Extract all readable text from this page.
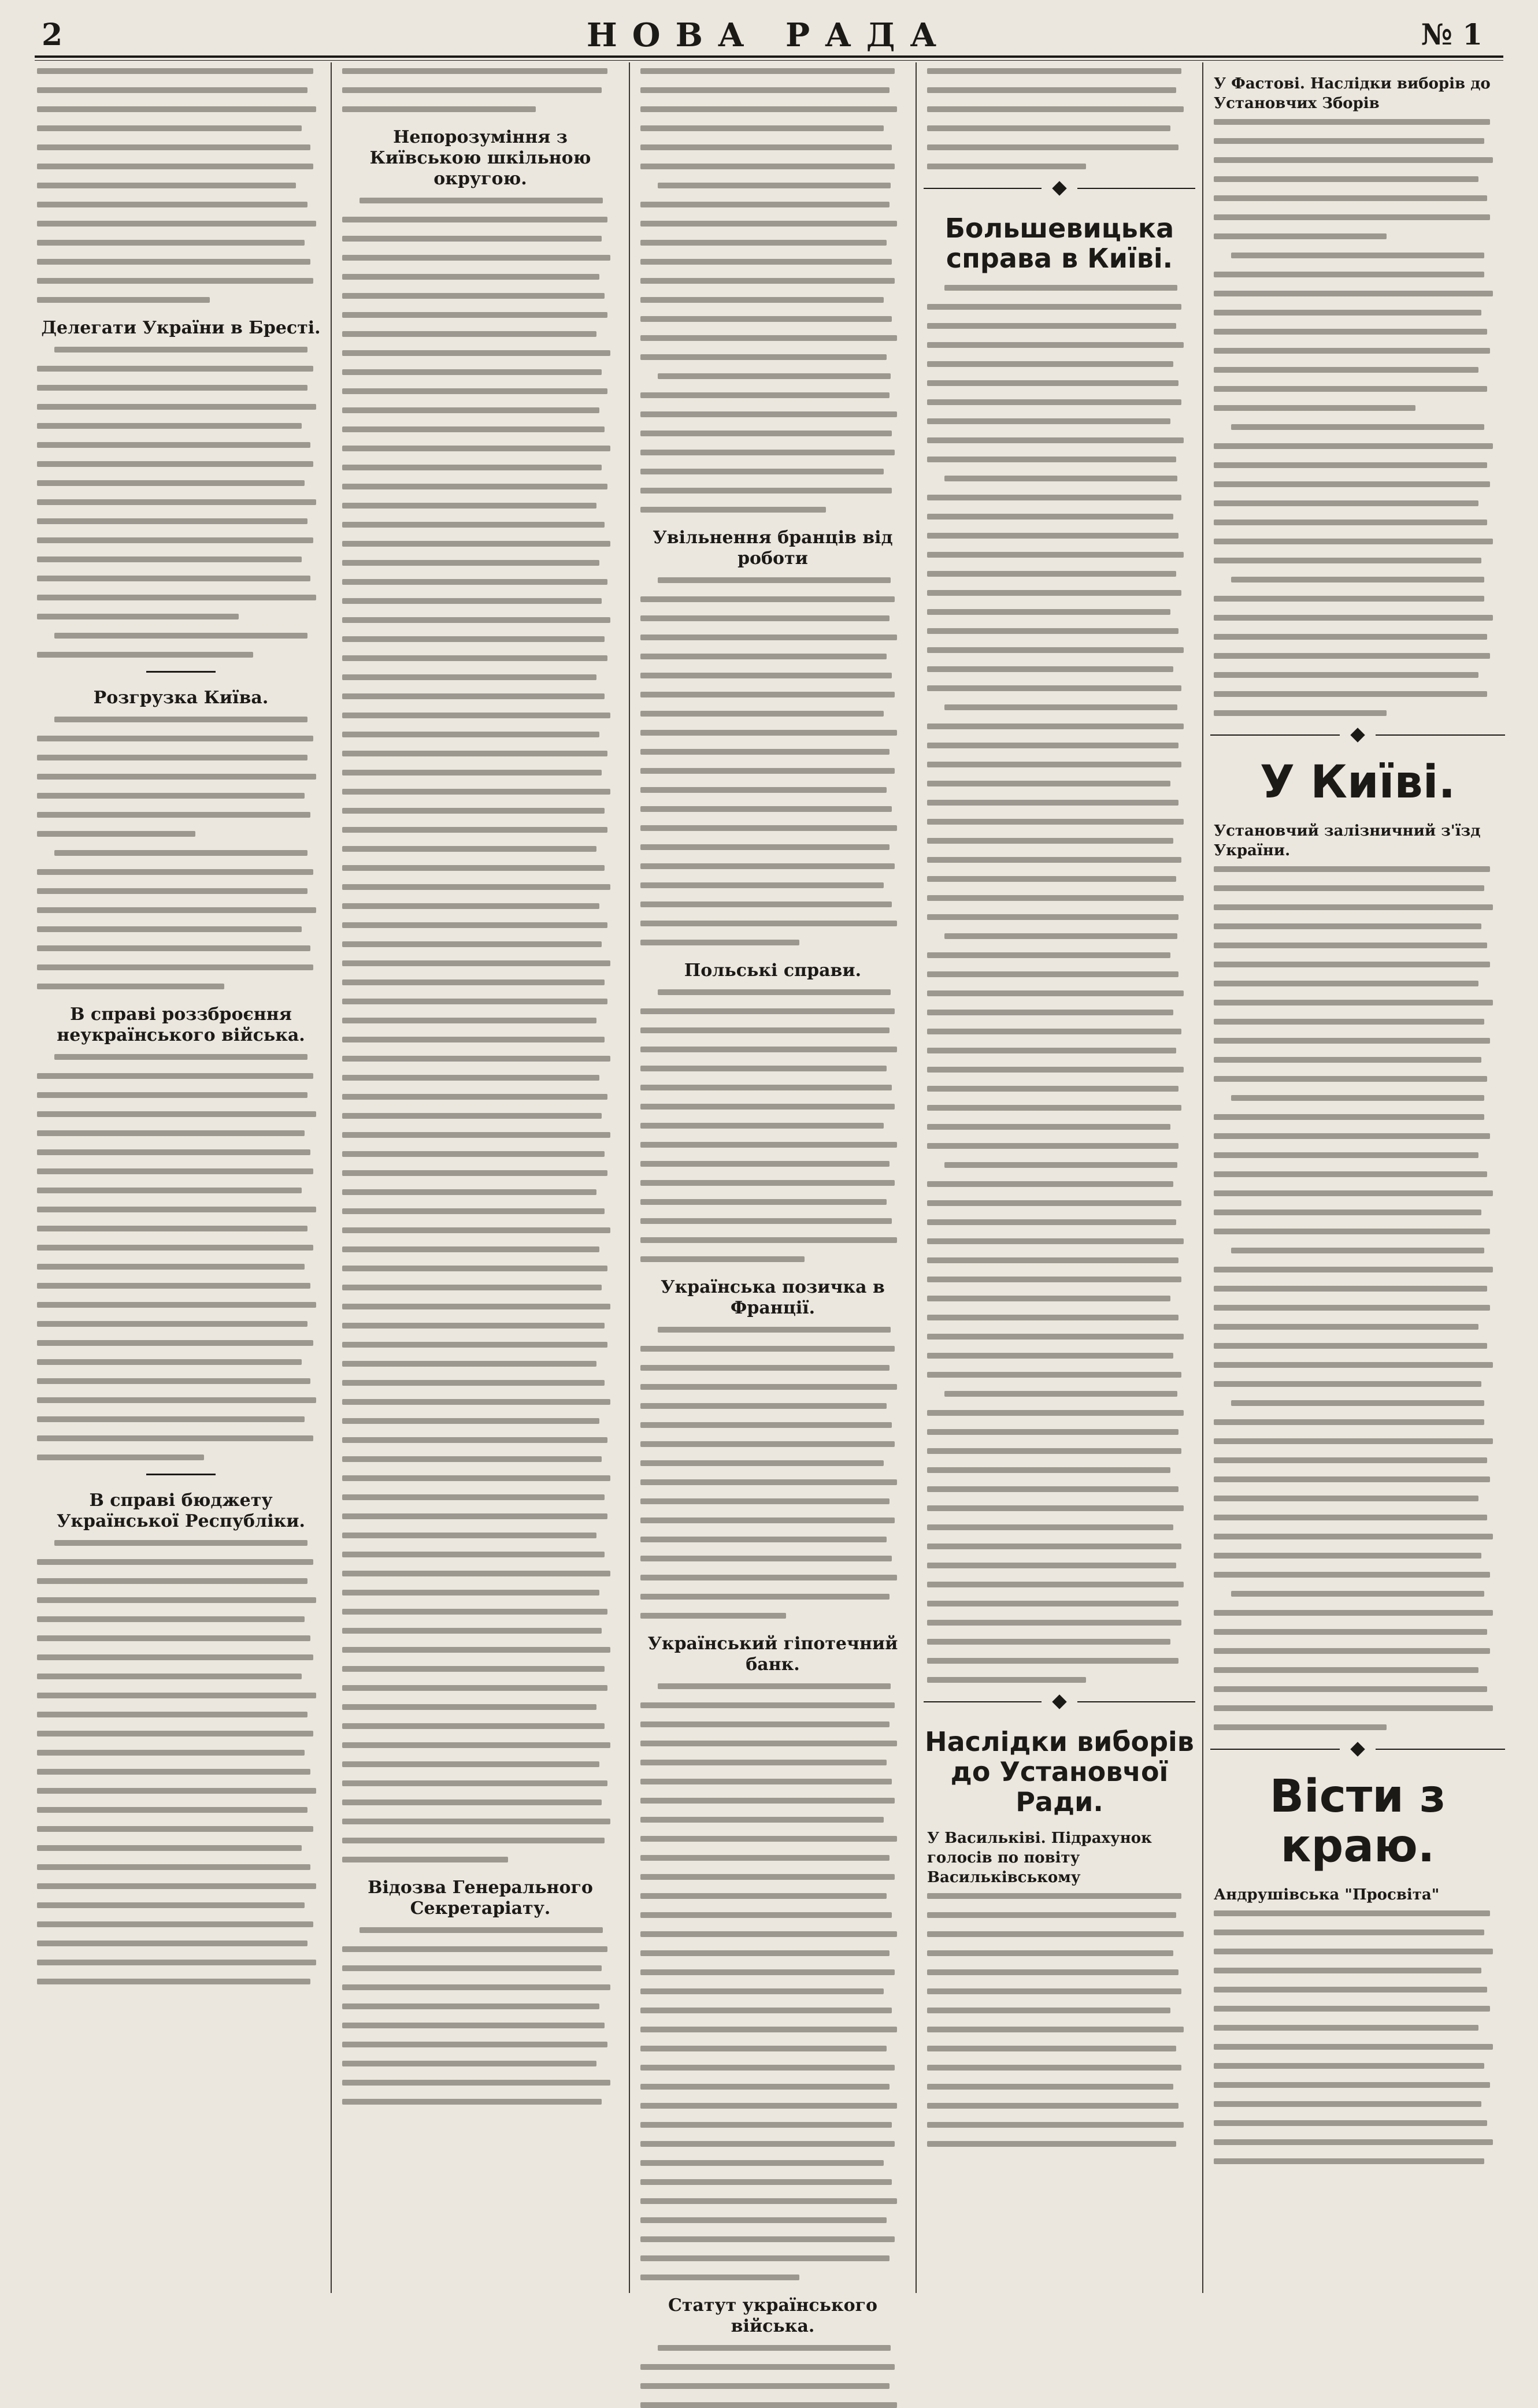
2	НОВА РАДА	№ 1
Делегати України в Бресті.
Розгрузка Київа.
В справі роззброєння неукраїнського війська.
В справі бюджету Української Республіки.
Непорозуміння з Київською шкільною округою.
Відозва Генерального Секретаріату.
Увільнення бранців від роботи
Польські справи.
Українська позичка в Франції.
Український гіпотечний банк.
Статут українського війська.
Большевицька справа в Київі.
Наслідки виборів до Установчої Ради.
У Васильківі. Підрахунок голосів по повіту Васильківському
У Фастові. Наслідки виборів до Установчих Зборів
У Київі.
Установчий залізничний з'їзд України.
Вісти з краю.
Андрушівська "Просвіта"
